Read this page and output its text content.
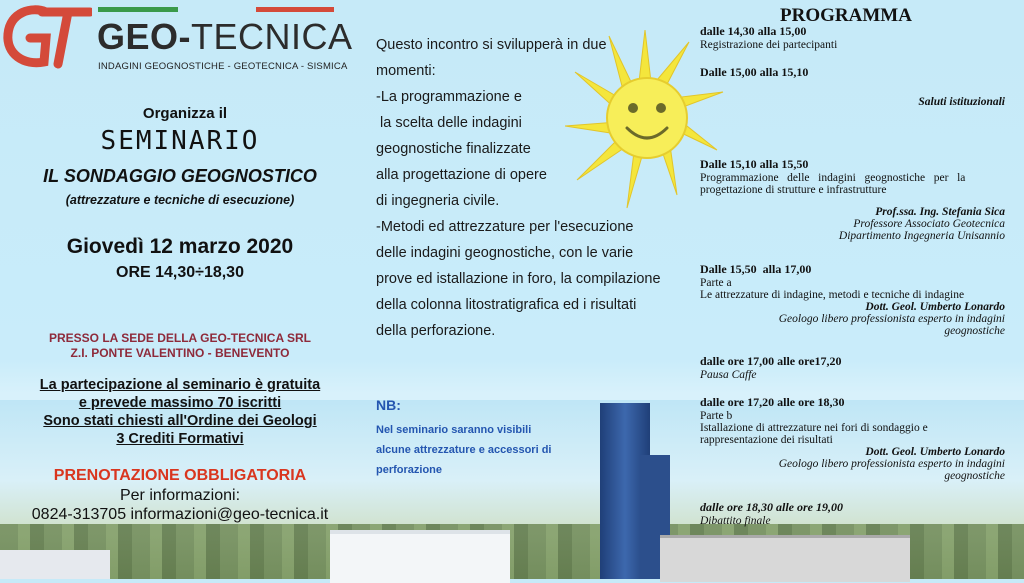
GEO-TECNICA
INDAGINI GEOGNOSTICHE - GEOTECNICA - SISMICA
Organizza il
SEMINARIO
IL SONDAGGIO GEOGNOSTICO
(attrezzature e tecniche di esecuzione)
Giovedì 12 marzo 2020
ORE 14,30÷18,30
PRESSO LA SEDE DELLA GEO-TECNICA SRL
Z.I. PONTE VALENTINO - BENEVENTO
La partecipazione al seminario è gratuita
e prevede massimo 70 iscritti
Sono stati chiesti all'Ordine dei Geologi
3 Crediti Formativi
PRENOTAZIONE OBBLIGATORIA
Per informazioni:
0824-313705 informazioni@geo-tecnica.it
Questo incontro si svilupperà in due
momenti:
-La programmazione e
la scelta delle indagini
geognostiche finalizzate
alla progettazione di opere
di ingegneria civile.
-Metodi ed attrezzature per l'esecuzione
delle indagini geognostiche, con le varie
prove ed istallazione in foro, la compilazione
della colonna litostratigrafica ed i risultati
della perforazione.
NB:
Nel seminario saranno visibili
alcune attrezzature e accessori di
perforazione
PROGRAMMA
dalle 14,30 alla 15,00
Registrazione dei partecipanti
Dalle 15,00 alla 15,10
Saluti istituzionali
Dalle 15,10 alla 15,50
Programmazione   delle   indagini   geognostiche   per   la
progettazione di strutture e infrastrutture
Prof.ssa. Ing. Stefania Sica
Professore Associato Geotecnica
Dipartimento Ingegneria Unisannio
Dalle 15,50  alla 17,00
Parte a
Le attrezzature di indagine, metodi e tecniche di indagine
Dott. Geol. Umberto Lonardo
Geologo libero professionista esperto in indagini
geognostiche
dalle ore 17,00 alle ore17,20
Pausa Caffe
dalle ore 17,20 alle ore 18,30
Parte b
Istallazione di attrezzature nei fori di sondaggio e
rappresentazione dei risultati
Dott. Geol. Umberto Lonardo
Geologo libero professionista esperto in indagini
geognostiche
dalle ore 18,30 alle ore 19,00
Dibattito finale
